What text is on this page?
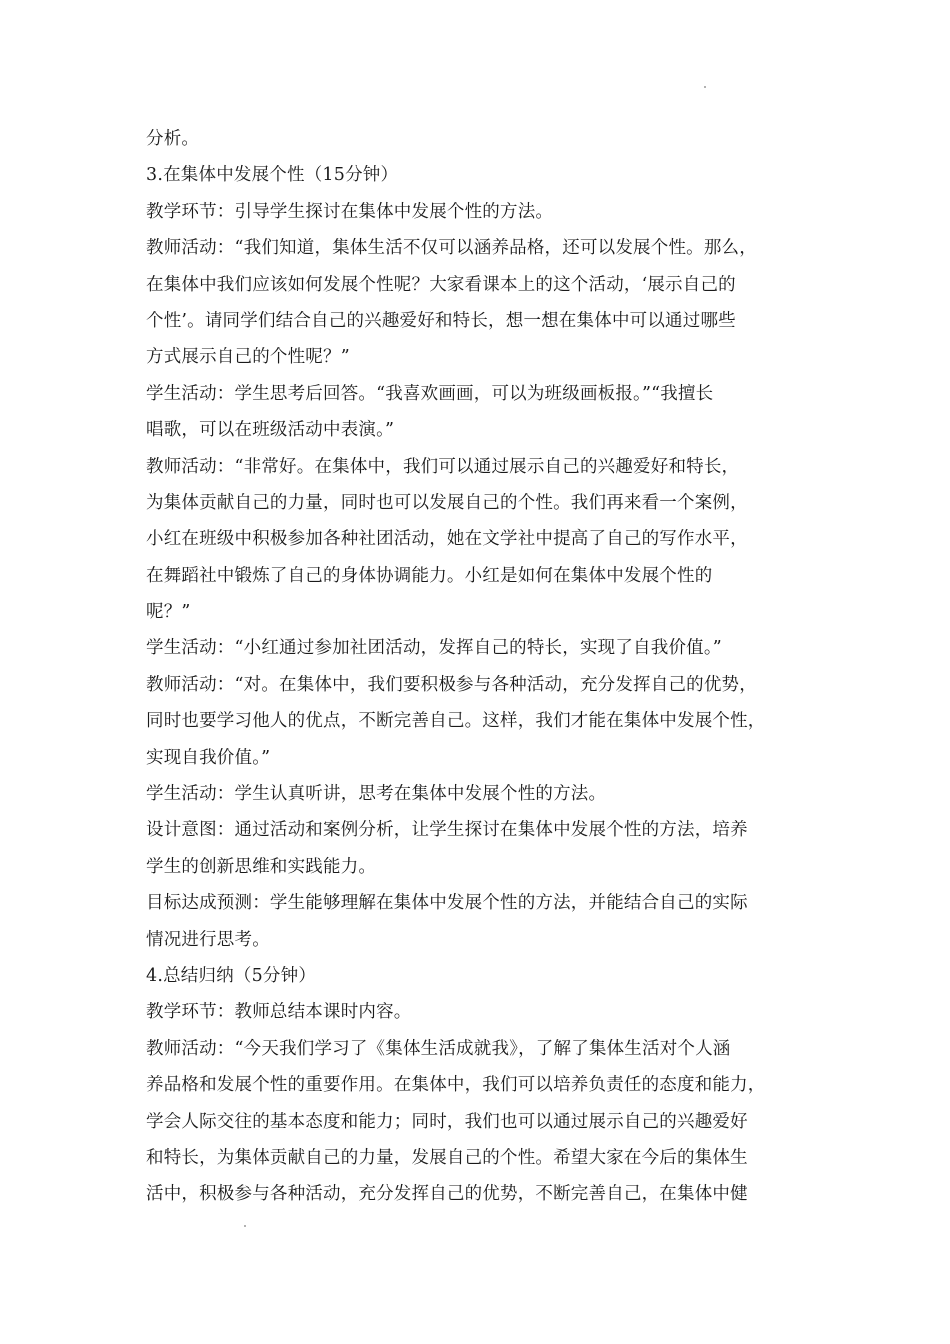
分析。
3.在集体中发展个性（15分钟）
教学环节：引导学生探讨在集体中发展个性的方法。
教师活动：“我们知道，集体生活不仅可以涵养品格，还可以发展个性。那么，
在集体中我们应该如何发展个性呢？大家看课本上的这个活动，‘展示自己的
个性’。请同学们结合自己的兴趣爱好和特长，想一想在集体中可以通过哪些
方式展示自己的个性呢？”
学生活动：学生思考后回答。“我喜欢画画，可以为班级画板报。”“我擅长
唱歌，可以在班级活动中表演。”
教师活动：“非常好。在集体中，我们可以通过展示自己的兴趣爱好和特长，
为集体贡献自己的力量，同时也可以发展自己的个性。我们再来看一个案例，
小红在班级中积极参加各种社团活动，她在文学社中提高了自己的写作水平，
在舞蹈社中锻炼了自己的身体协调能力。小红是如何在集体中发展个性的
呢？”
学生活动：“小红通过参加社团活动，发挥自己的特长，实现了自我价值。”
教师活动：“对。在集体中，我们要积极参与各种活动，充分发挥自己的优势，
同时也要学习他人的优点，不断完善自己。这样，我们才能在集体中发展个性，
实现自我价值。”
学生活动：学生认真听讲，思考在集体中发展个性的方法。
设计意图：通过活动和案例分析，让学生探讨在集体中发展个性的方法，培养
学生的创新思维和实践能力。
目标达成预测：学生能够理解在集体中发展个性的方法，并能结合自己的实际
情况进行思考。
4.总结归纳（5分钟）
教学环节：教师总结本课时内容。
教师活动：“今天我们学习了《集体生活成就我》，了解了集体生活对个人涵
养品格和发展个性的重要作用。在集体中，我们可以培养负责任的态度和能力，
学会人际交往的基本态度和能力；同时，我们也可以通过展示自己的兴趣爱好
和特长，为集体贡献自己的力量，发展自己的个性。希望大家在今后的集体生
活中，积极参与各种活动，充分发挥自己的优势，不断完善自己，在集体中健
